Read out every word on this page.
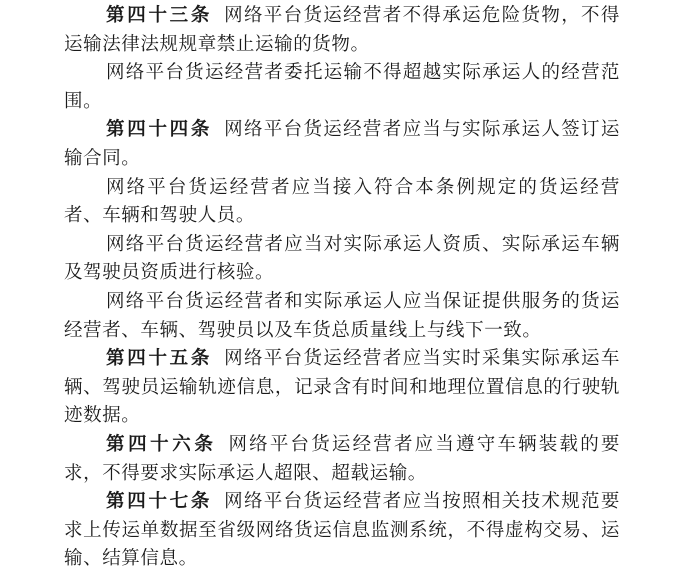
第四十三条 网络平台货运经营者不得承运危险货物，不得运输法律法规规章禁止运输的货物。

网络平台货运经营者委托运输不得超越实际承运人的经营范围。

第四十四条 网络平台货运经营者应当与实际承运人签订运输合同。

网络平台货运经营者应当接入符合本条例规定的货运经营者、车辆和驾驶人员。

网络平台货运经营者应当对实际承运人资质、实际承运车辆及驾驶员资质进行核验。

网络平台货运经营者和实际承运人应当保证提供服务的货运经营者、车辆、驾驶员以及车货总质量线上与线下一致。

第四十五条 网络平台货运经营者应当实时采集实际承运车辆、驾驶员运输轨迹信息，记录含有时间和地理位置信息的行驶轨迹数据。

第四十六条 网络平台货运经营者应当遵守车辆装载的要求，不得要求实际承运人超限、超载运输。

第四十七条 网络平台货运经营者应当按照相关技术规范要求上传运单数据至省级网络货运信息监测系统，不得虚构交易、运输、结算信息。
